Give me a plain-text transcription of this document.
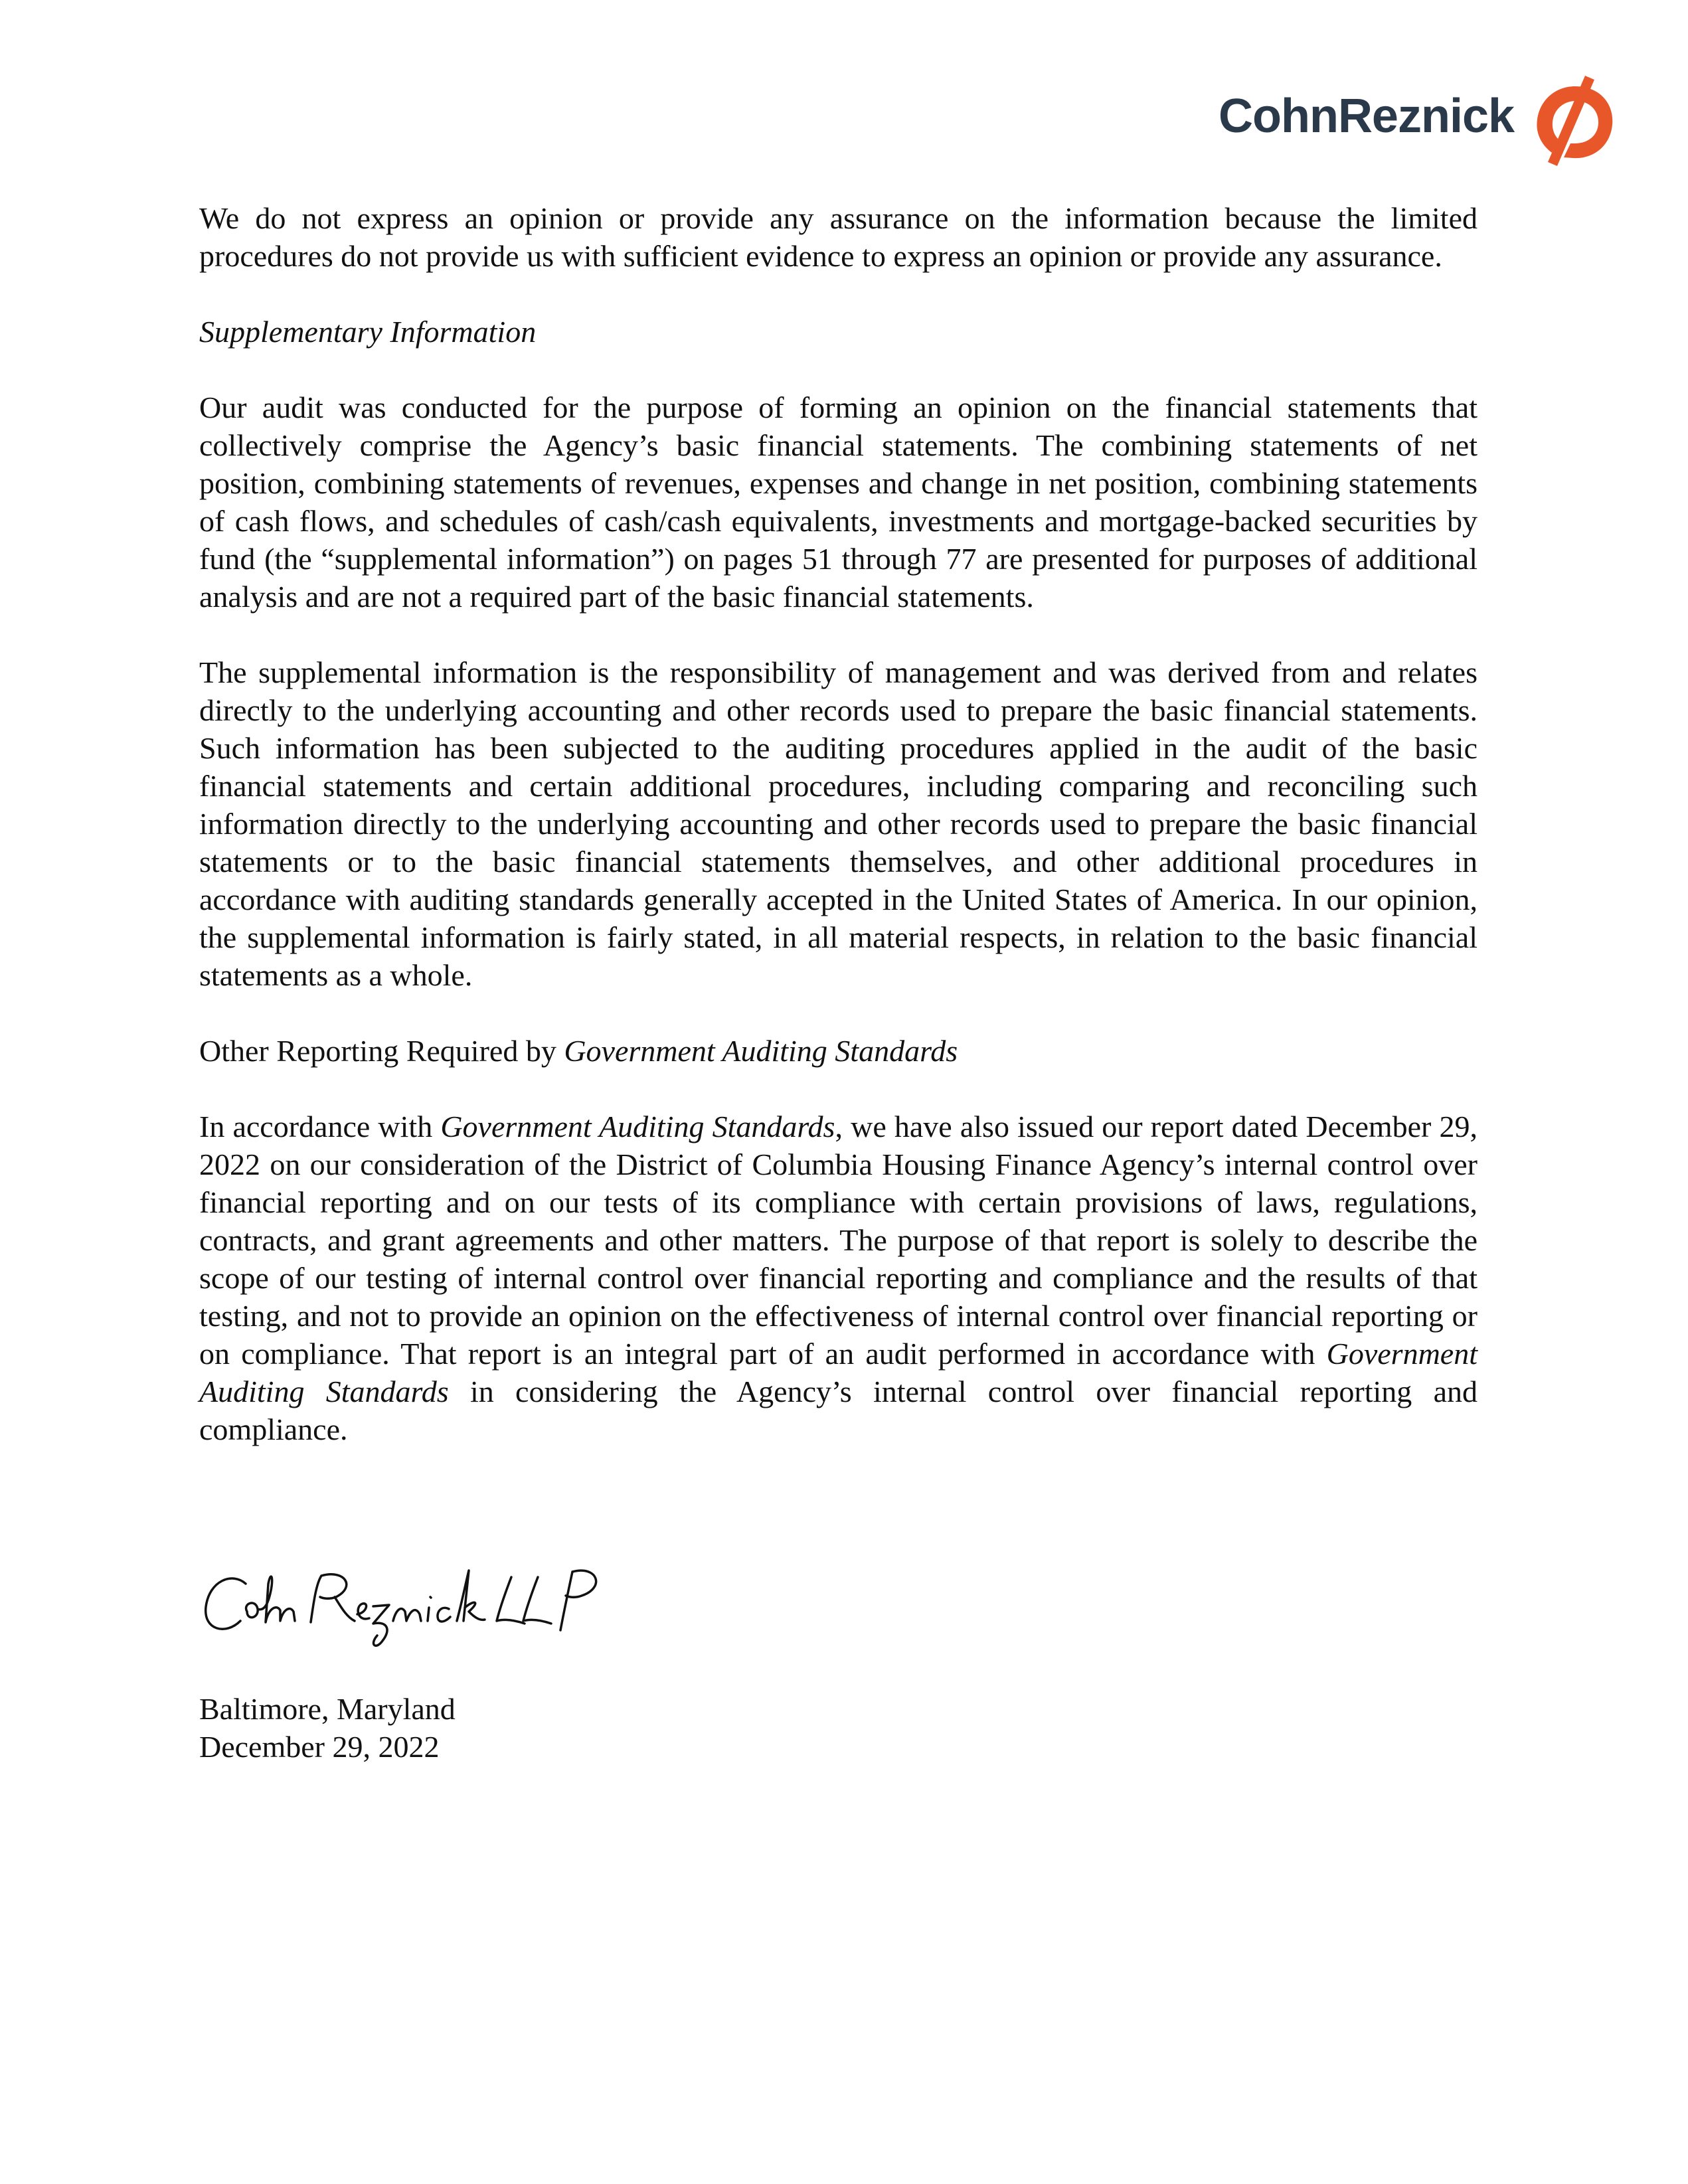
CohnReznick

We do not express an opinion or provide any assurance on the information because the limited procedures do not provide us with sufficient evidence to express an opinion or provide any assurance.

Supplementary Information

Our audit was conducted for the purpose of forming an opinion on the financial statements that collectively comprise the Agency’s basic financial statements. The combining statements of net position, combining statements of revenues, expenses and change in net position, combining statements of cash flows, and schedules of cash/cash equivalents, investments and mortgage-backed securities by fund (the “supplemental information”) on pages 51 through 77 are presented for purposes of additional analysis and are not a required part of the basic financial statements.

The supplemental information is the responsibility of management and was derived from and relates directly to the underlying accounting and other records used to prepare the basic financial statements. Such information has been subjected to the auditing procedures applied in the audit of the basic financial statements and certain additional procedures, including comparing and reconciling such information directly to the underlying accounting and other records used to prepare the basic financial statements or to the basic financial statements themselves, and other additional procedures in accordance with auditing standards generally accepted in the United States of America. In our opinion, the supplemental information is fairly stated, in all material respects, in relation to the basic financial statements as a whole.

Other Reporting Required by Government Auditing Standards

In accordance with Government Auditing Standards, we have also issued our report dated December 29, 2022 on our consideration of the District of Columbia Housing Finance Agency’s internal control over financial reporting and on our tests of its compliance with certain provisions of laws, regulations, contracts, and grant agreements and other matters. The purpose of that report is solely to describe the scope of our testing of internal control over financial reporting and compliance and the results of that testing, and not to provide an opinion on the effectiveness of internal control over financial reporting or on compliance. That report is an integral part of an audit performed in accordance with Government Auditing Standards in considering the Agency’s internal control over financial reporting and compliance.

Baltimore, Maryland
December 29, 2022
